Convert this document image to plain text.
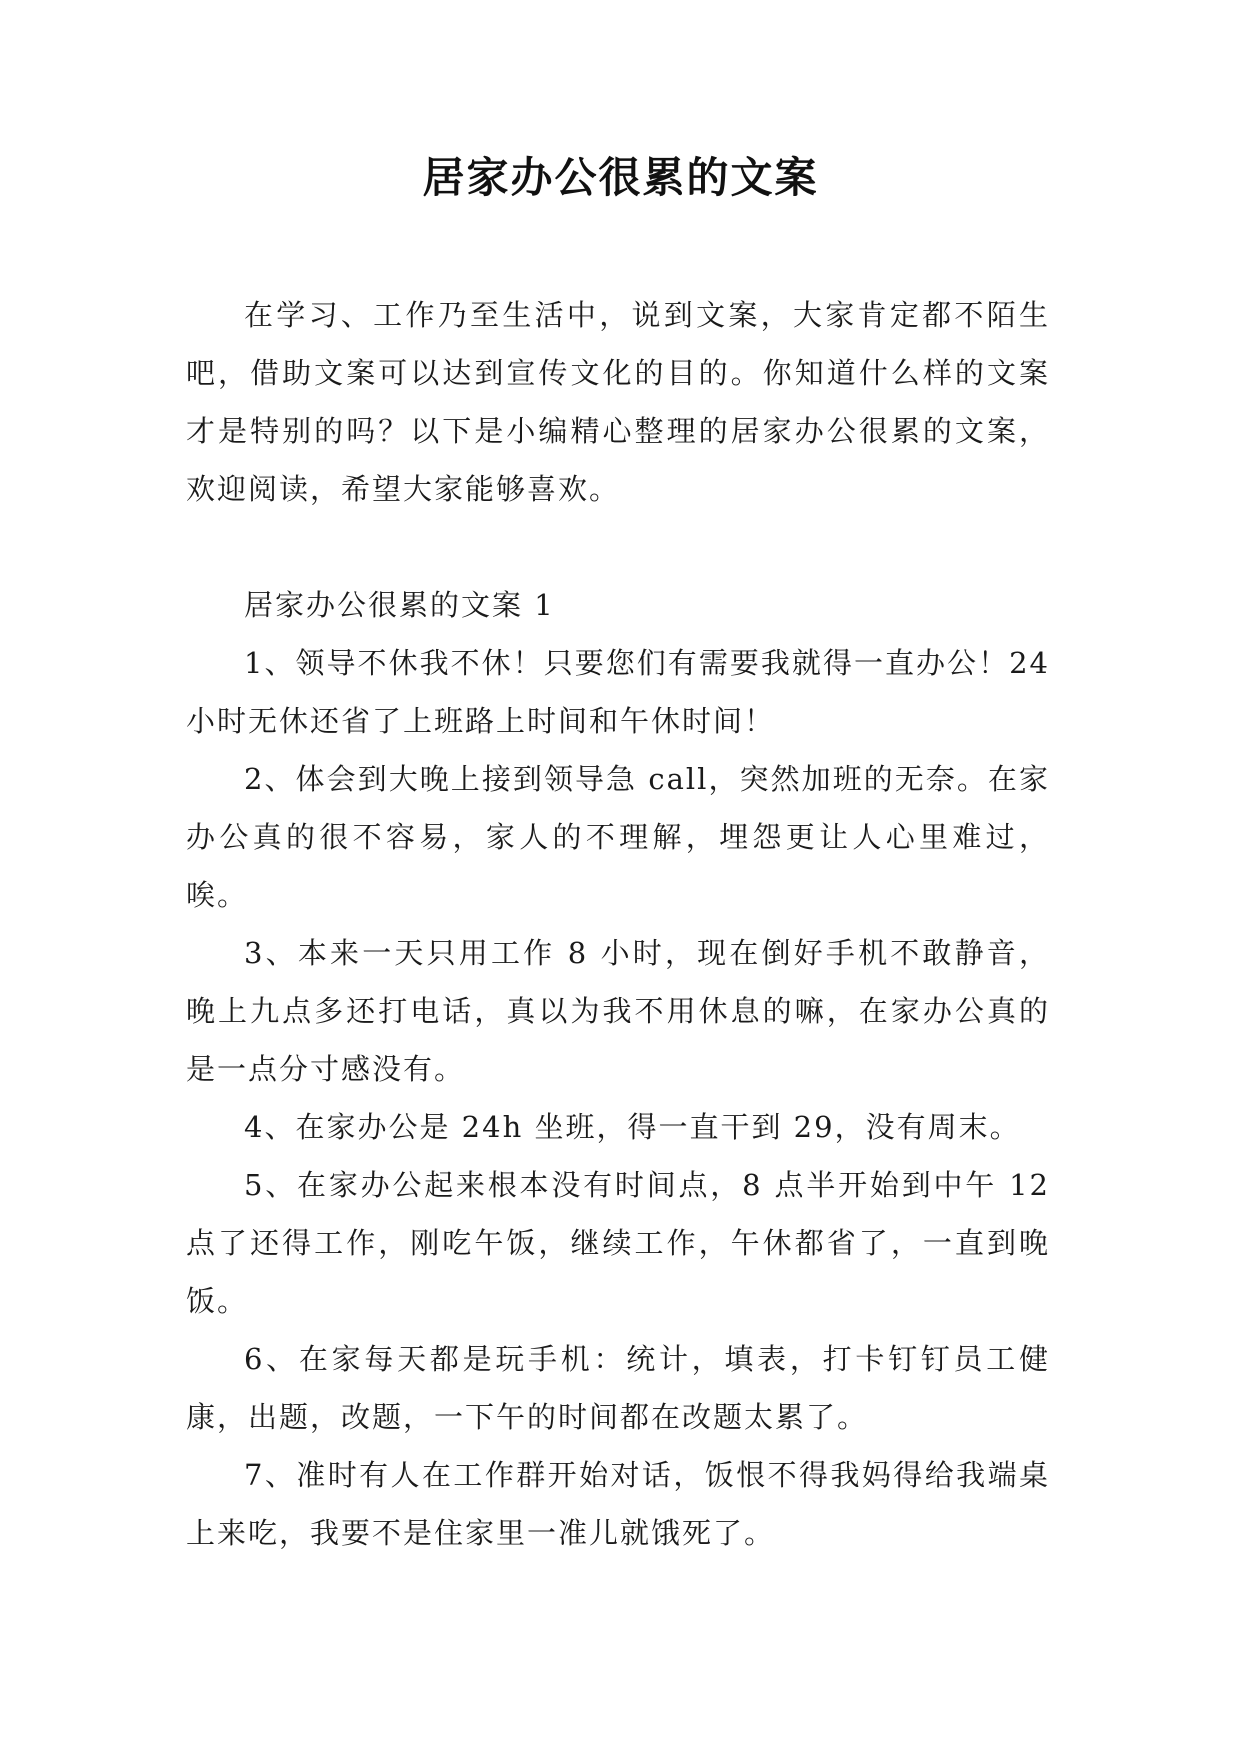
居家办公很累的文案

在学习、工作乃至生活中，说到文案，大家肯定都不陌生吧，借助文案可以达到宣传文化的目的。你知道什么样的文案才是特别的吗？以下是小编精心整理的居家办公很累的文案，欢迎阅读，希望大家能够喜欢。

居家办公很累的文案 1

1、领导不休我不休！只要您们有需要我就得一直办公！24 小时无休还省了上班路上时间和午休时间！

2、体会到大晚上接到领导急 call，突然加班的无奈。在家办公真的很不容易，家人的不理解，埋怨更让人心里难过，唉。

3、本来一天只用工作 8 小时，现在倒好手机不敢静音，晚上九点多还打电话，真以为我不用休息的嘛，在家办公真的是一点分寸感没有。

4、在家办公是 24h 坐班，得一直干到 29，没有周末。

5、在家办公起来根本没有时间点，8 点半开始到中午 12 点了还得工作，刚吃午饭，继续工作，午休都省了，一直到晚饭。

6、在家每天都是玩手机：统计，填表，打卡钉钉员工健康，出题，改题，一下午的时间都在改题太累了。

7、准时有人在工作群开始对话，饭恨不得我妈得给我端桌上来吃，我要不是住家里一准儿就饿死了。
